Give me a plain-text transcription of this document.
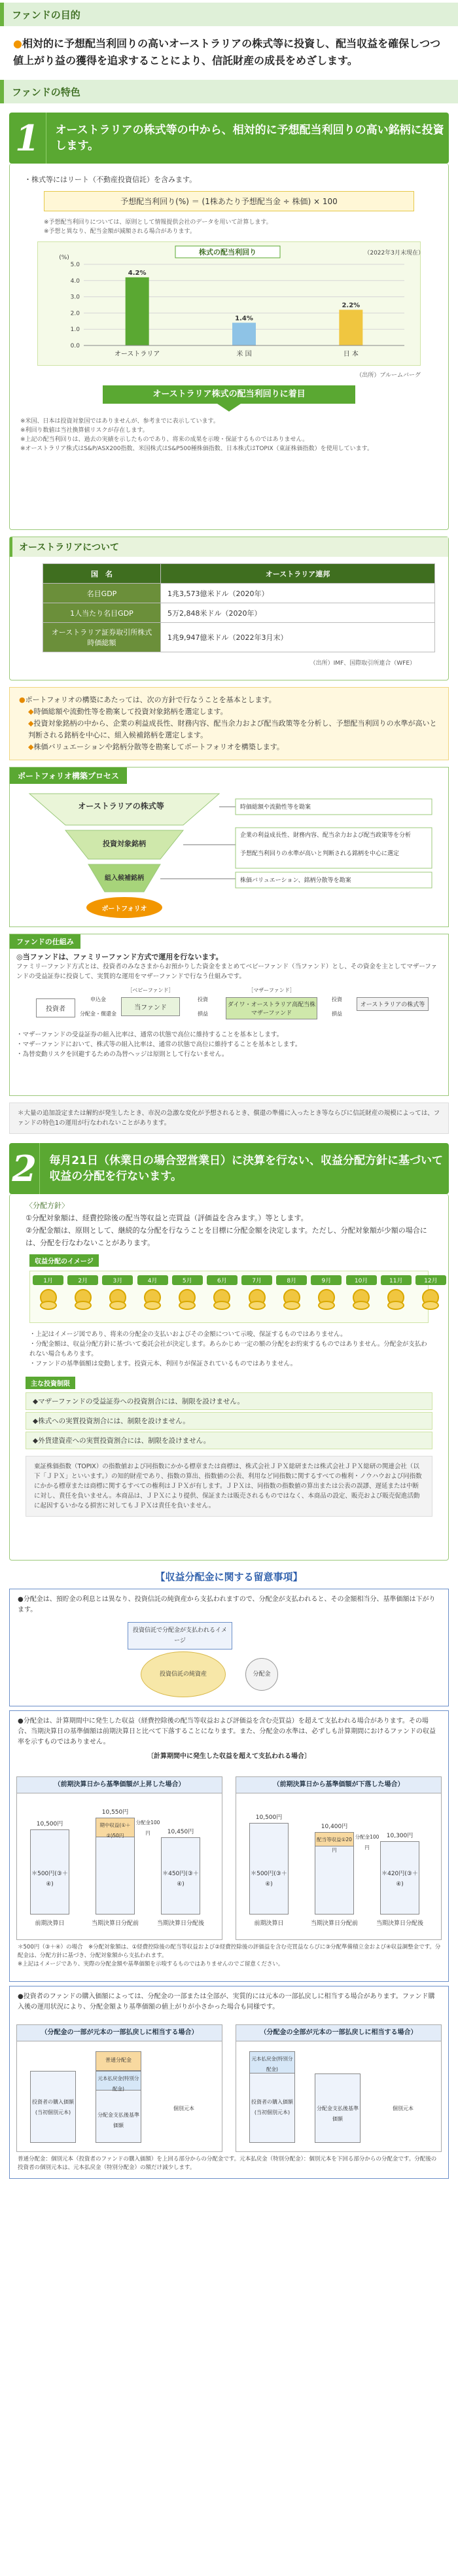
ファンドの目的
●相対的に予想配当利回りの高いオーストラリアの株式等に投資し、配当収益を確保しつつ値上がり益の獲得を追求することにより、信託財産の成長をめざします。
ファンドの特色
1	オーストラリアの株式等の中から、相対的に予想配当利回りの高い銘柄に投資します。
・株式等にはリート（不動産投資信託）を含みます。
予想配当利回り(%) ＝ (1株あたり予想配当金 ÷ 株価) × 100
※予想配当利回りについては、原則として情報提供会社のデータを用いて計算します。
※予想と異なり、配当金額が減額される場合があります。
株式の配当利回り	（2022年3月末現在）
(%)
5.0
4.0
3.0
2.0
1.0
0.0
4.2%
オーストラリア
1.4%
米 国
2.2%
日 本
（出所）ブルームバーグ
オーストラリア株式の配当利回りに着目
※米国、日本は投資対象国ではありませんが、参考までに表示しています。
※利回り数値は当社換算値リスクが存在します。
※上記の配当利回りは、過去の実績を示したものであり、将来の成果を示唆・保証するものではありません。
※オーストラリア株式はS&P/ASX200指数、米国株式はS&P500種株価指数、日本株式はTOPIX（東証株価指数）を使用しています。
オーストラリアについて
国　名	オーストラリア連邦
名目GDP	1兆3,573億米ドル（2020年）
1人当たり名目GDP	5万2,848米ドル（2020年）
オーストラリア証券取引所株式時価総額	1兆9,947億米ドル（2022年3月末）
（出所）IMF、国際取引所連合（WFE）
●ポートフォリオの構築にあたっては、次の方針で行なうことを基本とします。
◆時価総額や流動性等を勘案して投資対象銘柄を選定します。
◆投資対象銘柄の中から、企業の利益成長性、財務内容、配当余力および配当政策等を分析し、予想配当利回りの水準が高いと判断される銘柄を中心に、組入候補銘柄を選定します。
◆株価バリュエーションや銘柄分散等を勘案してポートフォリオを構築します。
ポートフォリオ構築プロセス
オーストラリアの株式等
投資対象銘柄
組入候補銘柄
ポートフォリオ
時価総額や流動性等を勘案
企業の利益成長性、財務内容、配当余力および配当政策等を分析
予想配当利回りの水準が高いと判断される銘柄を中心に選定
株価バリュエーション、銘柄分散等を勘案
ファンドの仕組み
◎当ファンドは、ファミリーファンド方式で運用を行ないます。
ファミリーファンド方式とは、投資者のみなさまからお預かりした資金をまとめてベビーファンド（当ファンド）とし、その資金を主としてマザーファンドの受益証券に投資して、実質的な運用をマザーファンドで行なう仕組みです。
投資者
［ベビーファンド］
当ファンド
［マザーファンド］
ダイワ・オーストラリア高配当株マザーファンド
オーストラリアの株式等
申込金
分配金・償還金
投資
損益
投資
損益
・マザーファンドの受益証券の組入比率は、通常の状態で高位に維持することを基本とします。
・マザーファンドにおいて、株式等の組入比率は、通常の状態で高位に維持することを基本とします。
・為替変動リスクを回避するための為替ヘッジは原則として行ないません。
＊大量の追加設定または解約が発生したとき、市況の急激な変化が予想されるとき、償還の準備に入ったとき等ならびに信託財産の規模によっては、ファンドの特色1の運用が行なわれないことがあります。
2	毎月21日（休業日の場合翌営業日）に決算を行ない、収益分配方針に基づいて収益の分配を行ないます。
〈分配方針〉
①分配対象額は、経費控除後の配当等収益と売買益（評価益を含みます。）等とします。
②分配金額は、原則として、継続的な分配を行なうことを目標に分配金額を決定します。ただし、分配対象額が少額の場合には、分配を行なわないことがあります。
収益分配のイメージ
1月	2月	3月	4月	5月	6月	7月	8月	9月	10月	11月	12月
・上記はイメージ図であり、将来の分配金の支払いおよびその金額について示唆、保証するものではありません。
・分配金額は、収益分配方針に基づいて委託会社が決定します。あらかじめ一定の額の分配をお約束するものではありません。分配金が支払われない場合もあります。
・ファンドの基準価額は変動します。投資元本、利回りが保証されているものではありません。
主な投資制限
◆マザーファンドの受益証券への投資割合には、制限を設けません。
◆株式への実質投資割合には、制限を設けません。
◆外貨建資産への実質投資割合には、制限を設けません。
東証株価指数（TOPIX）の指数値および同指数にかかる標章または商標は、株式会社ＪＰＸ総研または株式会社ＪＰＸ総研の関連会社（以下「ＪＰＸ」といいます。）の知的財産であり、指数の算出、指数値の公表、利用など同指数に関するすべての権利・ノウハウおよび同指数にかかる標章または商標に関するすべての権利はＪＰＸが有します。ＪＰＸは、同指数の指数値の算出または公表の誤謬、遅延または中断に対し、責任を負いません。本商品は、ＪＰＸにより提供、保証または販売されるものではなく、本商品の設定、販売および販売促進活動に起因するいかなる損害に対してもＪＰＸは責任を負いません。
【収益分配金に関する留意事項】
●分配金は、預貯金の利息とは異なり、投資信託の純資産から支払われますので、分配金が支払われると、その金額相当分、基準価額は下がります。
投資信託で分配金が支払われるイメージ
投資信託の純資産	分配金
●分配金は、計算期間中に発生した収益（経費控除後の配当等収益および評価益を含む売買益）を超えて支払われる場合があります。その場合、当期決算日の基準価額は前期決算日と比べて下落することになります。また、分配金の水準は、必ずしも計算期間におけるファンドの収益率を示すものではありません。
〔計算期間中に発生した収益を超えて支払われる場合〕
（前期決算日から基準価額が上昇した場合）
10,500円
10,550円
10,450円
期中収益(①＋②)50円
＊500円(③＋④)
＊450円(③＋④)
分配金100円
前期決算日	当期決算日分配前	当期決算日分配後
（前期決算日から基準価額が下落した場合）
10,500円
10,400円
10,300円
配当等収益①20円
＊500円(③＋④)
＊420円(③＋④)
分配金100円
前期決算日	当期決算日分配前	当期決算日分配後
＊500円（③＋④）の場合　※分配対象額は、①経費控除後の配当等収益および②経費控除後の評価益を含む売買益ならびに③分配準備積立金および④収益調整金です。分配金は、分配方針に基づき、分配対象額から支払われます。
※上記はイメージであり、実際の分配金額や基準価額を示唆するものではありませんのでご留意ください。
●投資者のファンドの購入価額によっては、分配金の一部または全部が、実質的には元本の一部払戻しに相当する場合があります。ファンド購入後の運用状況により、分配金額より基準価額の値上がりが小さかった場合も同様です。
（分配金の一部が元本の一部払戻しに相当する場合）
普通分配金
元本払戻金(特別分配金)
投資者の購入価額(当初個別元本)	分配金支払後基準価額
個別元本
（分配金の全部が元本の一部払戻しに相当する場合）
元本払戻金(特別分配金)
投資者の購入価額(当初個別元本)
分配金支払後基準価額
個別元本
普通分配金：個別元本（投資者のファンドの購入価額）を上回る部分からの分配金です。元本払戻金（特別分配金）：個別元本を下回る部分からの分配金です。分配後の投資者の個別元本は、元本払戻金（特別分配金）の額だけ減少します。
